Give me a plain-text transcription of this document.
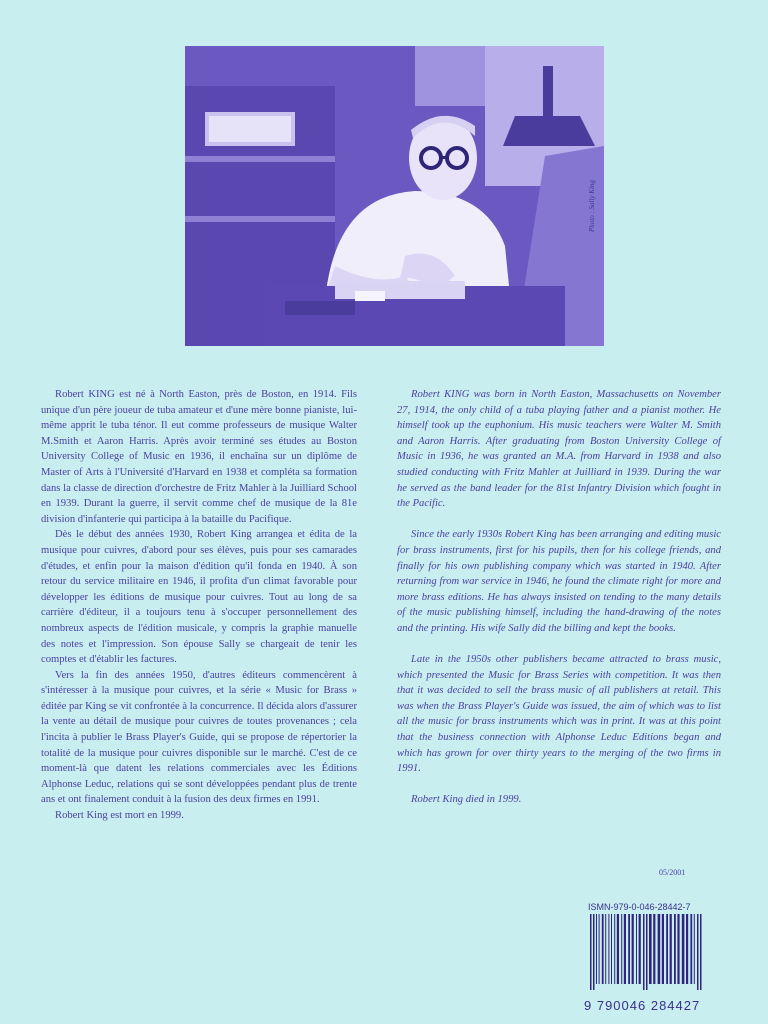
Photo : Sally King

Robert KING est né à North Easton, près de Boston, en 1914. Fils unique d'un père joueur de tuba amateur et d'une mère bonne pianiste, lui-même apprit le tuba ténor. Il eut comme professeurs de musique Walter M.Smith et Aaron Harris. Après avoir terminé ses études au Boston University College of Music en 1936, il enchaîna sur un diplôme de Master of Arts à l'Université d'Harvard en 1938 et compléta sa formation dans la classe de direction d'orchestre de Fritz Mahler à la Juilliard School en 1939. Durant la guerre, il servit comme chef de musique de la 81e division d'infanterie qui participa à la bataille du Pacifique.

Dès le début des années 1930, Robert King arrangea et édita de la musique pour cuivres, d'abord pour ses élèves, puis pour ses camarades d'études, et enfin pour la maison d'édition qu'il fonda en 1940. À son retour du service militaire en 1946, il profita d'un climat favorable pour développer les éditions de musique pour cuivres. Tout au long de sa carrière d'éditeur, il a toujours tenu à s'occuper personnellement des nombreux aspects de l'édition musicale, y compris la graphie manuelle des notes et l'impression. Son épouse Sally se chargeait de tenir les comptes et d'établir les factures.

Vers la fin des années 1950, d'autres éditeurs commencèrent à s'intéresser à la musique pour cuivres, et la série « Music for Brass » éditée par King se vit confrontée à la concurrence. Il décida alors d'assurer la vente au détail de musique pour cuivres de toutes provenances ; cela l'incita à publier le Brass Player's Guide, qui se propose de répertorier la totalité de la musique pour cuivres disponible sur le marché. C'est de ce moment-là que datent les relations commerciales avec les Éditions Alphonse Leduc, relations qui se sont développées pendant plus de trente ans et ont finalement conduit à la fusion des deux firmes en 1991.

Robert King est mort en 1999.

Robert KING was born in North Easton, Massachusetts on November 27, 1914, the only child of a tuba playing father and a pianist mother. He himself took up the euphonium. His music teachers were Walter M. Smith and Aaron Harris. After graduating from Boston University College of Music in 1936, he was granted an M.A. from Harvard in 1938 and also studied conducting with Fritz Mahler at Juilliard in 1939. During the war he served as the band leader for the 81st Infantry Division which fought in the Pacific.

Since the early 1930s Robert King has been arranging and editing music for brass instruments, first for his pupils, then for his college friends, and finally for his own publishing company which was started in 1940. After returning from war service in 1946, he found the climate right for more and more brass editions. He has always insisted on tending to the many details of the music publishing himself, including the hand-drawing of the notes and the printing. His wife Sally did the billing and kept the books.

Late in the 1950s other publishers became attracted to brass music, which presented the Music for Brass Series with competition. It was then that it was decided to sell the brass music of all publishers at retail. This was when the Brass Player's Guide was issued, the aim of which was to list all the music for brass instruments which was in print. It was at this point that the business connection with Alphonse Leduc Editions began and which has grown for over thirty years to the merging of the two firms in 1991.

Robert King died in 1999.

05/2001
ISMN-979-0-046-28442-7
9 790046 284427
